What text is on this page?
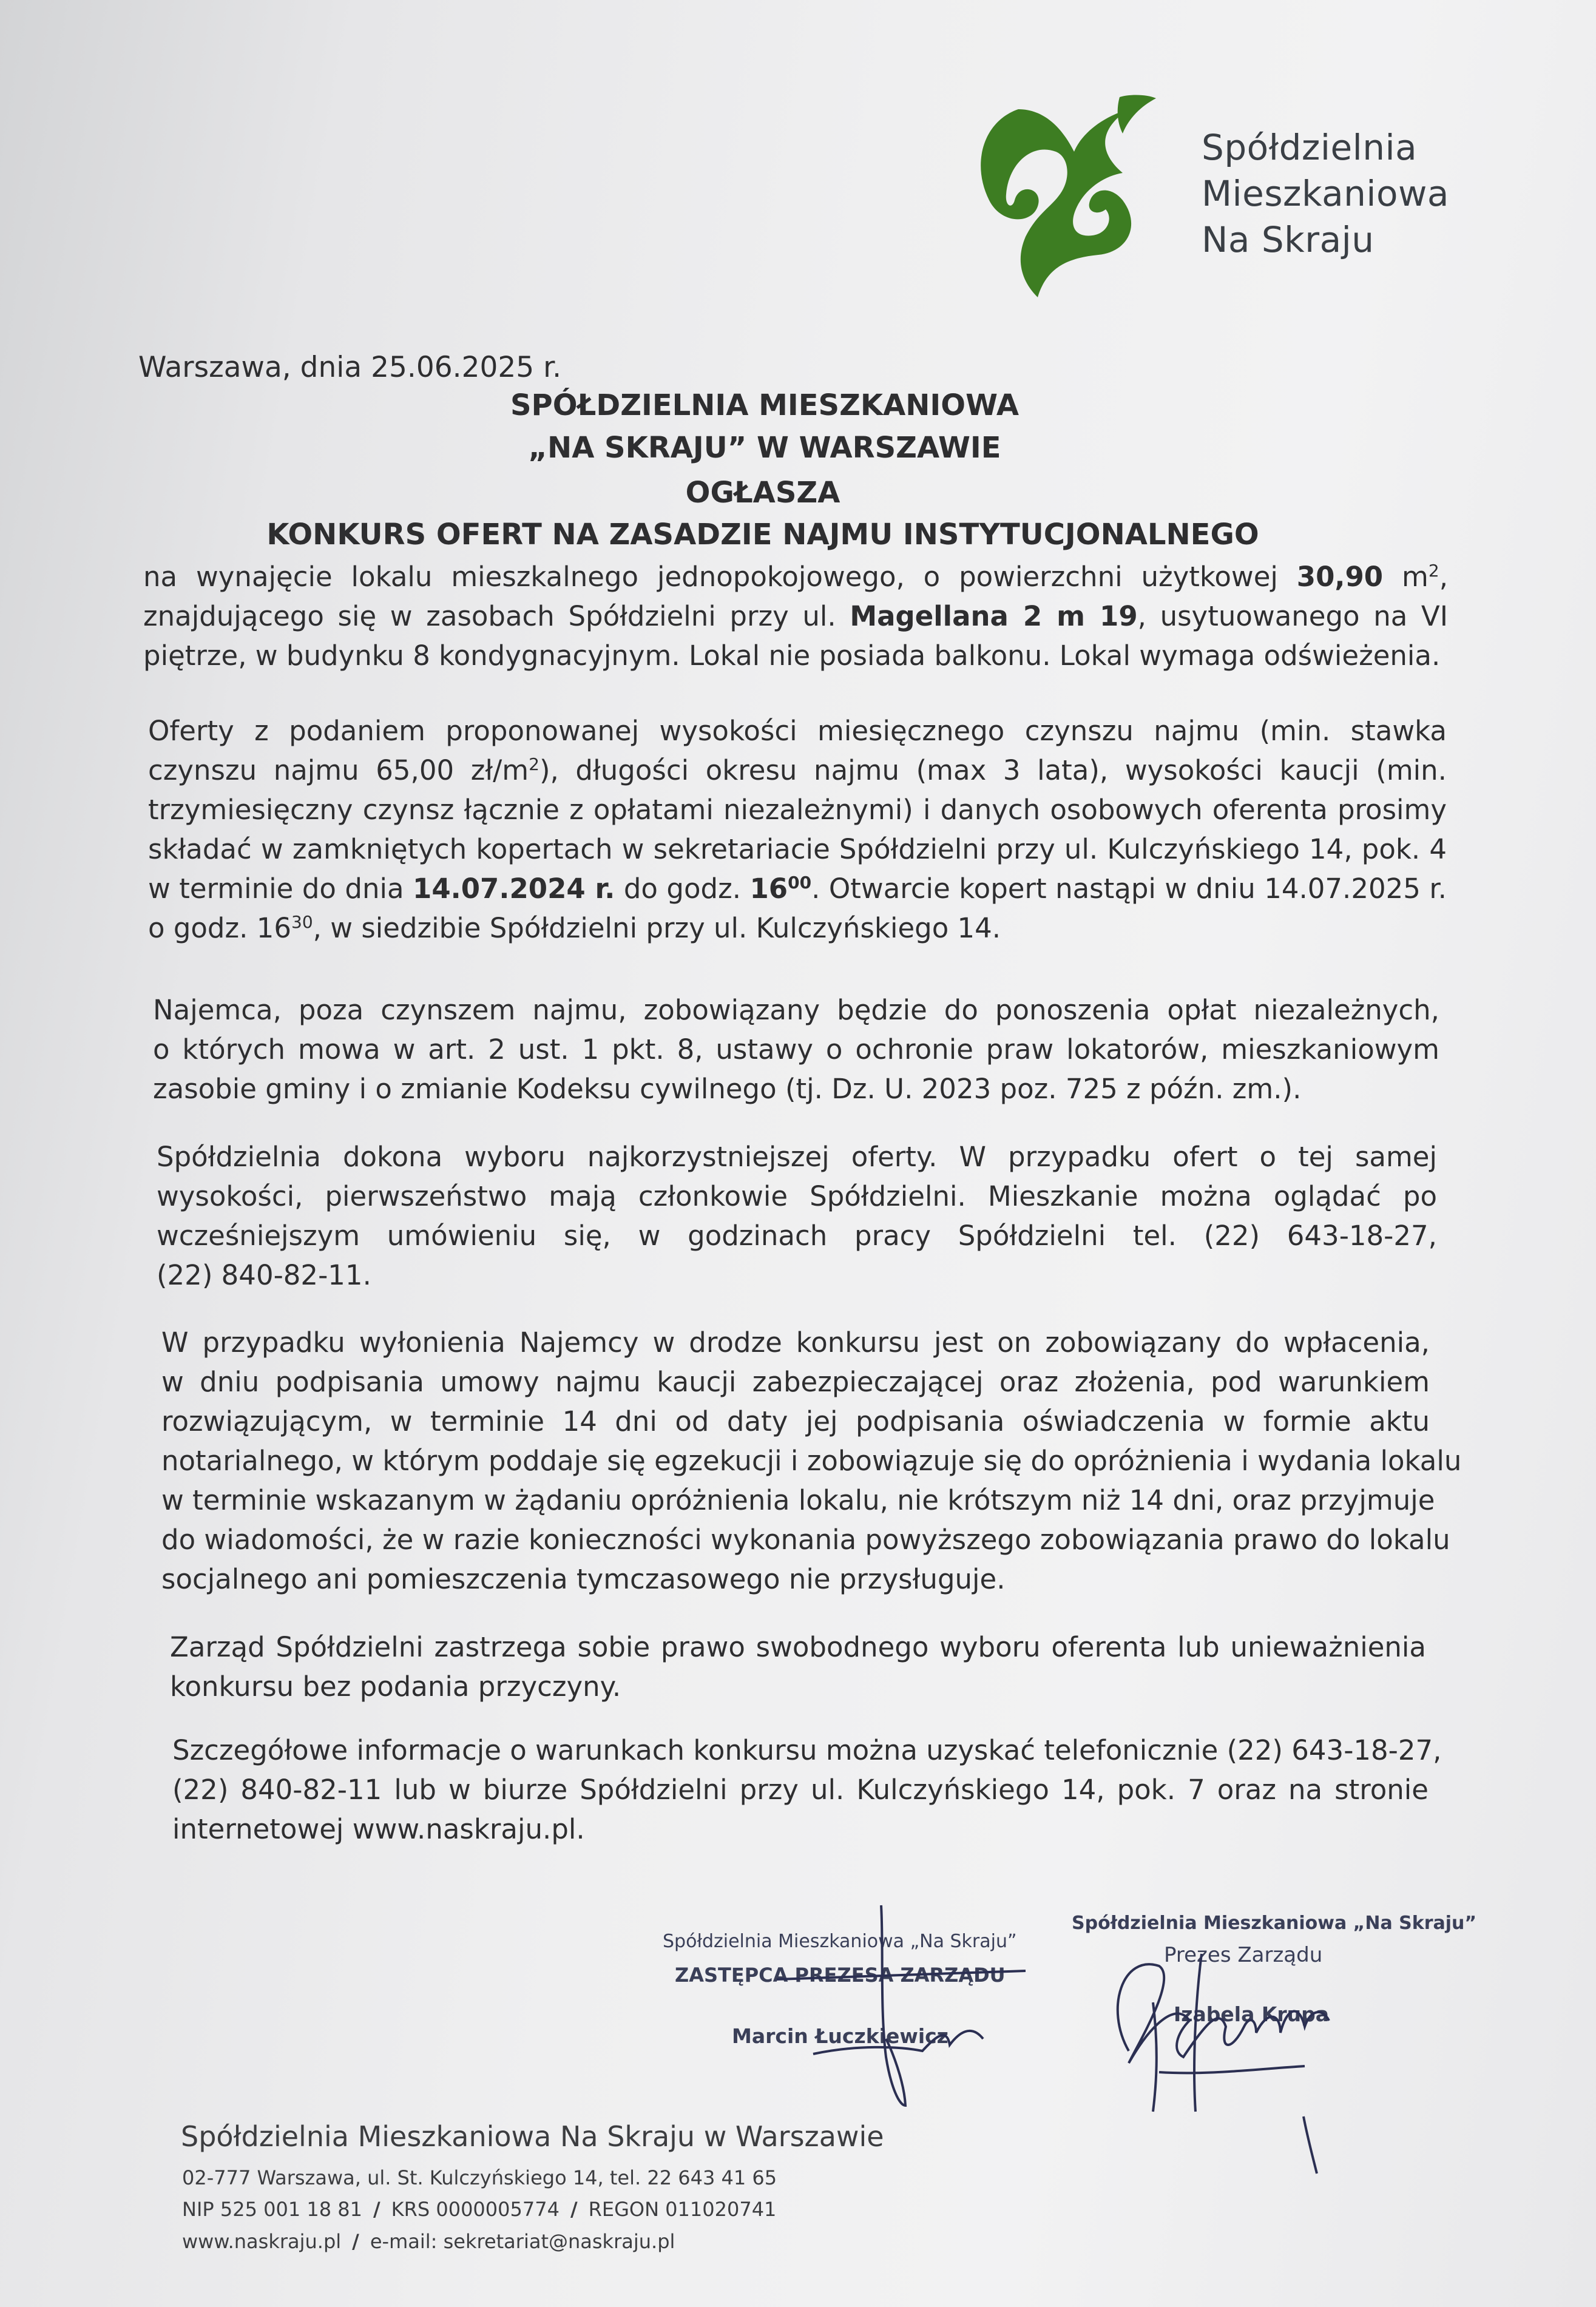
Spółdzielnia
Mieszkaniowa
Na Skraju
Warszawa, dnia 25.06.2025 r.
SPÓŁDZIELNIA MIESZKANIOWA
„NA SKRAJU” W WARSZAWIE
OGŁASZA
KONKURS OFERT NA ZASADZIE NAJMU INSTYTUCJONALNEGO
na wynajęcie lokalu mieszkalnego jednopokojowego, o powierzchni użytkowej 30,90 $m^2$,
znajdującego się w zasobach Spółdzielni przy ul. Magellana 2 m 19, usytuowanego na VI
piętrze, w budynku 8 kondygnacyjnym. Lokal nie posiada balkonu. Lokal wymaga odświeżenia.
Oferty z podaniem proponowanej wysokości miesięcznego czynszu najmu (min. stawka
czynszu najmu 65,00 $zł/m^2$), długości okresu najmu (max 3 lata), wysokości kaucji (min.
trzymiesięczny czynsz łącznie z opłatami niezależnymi) i danych osobowych oferenta prosimy
składać w zamkniętych kopertach w sekretariacie Spółdzielni przy ul. Kulczyńskiego 14, pok. 4
w terminie do dnia 14.07.2024 r. do godz. $16^{00}$. Otwarcie kopert nastąpi w dniu 14.07.2025 r.
o godz. $16^{30}$, w siedzibie Spółdzielni przy ul. Kulczyńskiego 14.
Najemca, poza czynszem najmu, zobowiązany będzie do ponoszenia opłat niezależnych,
o których mowa w art. 2 ust. 1 pkt. 8, ustawy o ochronie praw lokatorów, mieszkaniowym
zasobie gminy i o zmianie Kodeksu cywilnego (tj. Dz. U. 2023 poz. 725 z późn. zm.).
Spółdzielnia dokona wyboru najkorzystniejszej oferty. W przypadku ofert o tej samej
wysokości, pierwszeństwo mają członkowie Spółdzielni. Mieszkanie można oglądać po
wcześniejszym umówieniu się, w godzinach pracy Spółdzielni tel. (22) 643-18-27,
(22) 840-82-11.
W przypadku wyłonienia Najemcy w drodze konkursu jest on zobowiązany do wpłacenia,
w dniu podpisania umowy najmu kaucji zabezpieczającej oraz złożenia, pod warunkiem
rozwiązującym, w terminie 14 dni od daty jej podpisania oświadczenia w formie aktu
notarialnego, w którym poddaje się egzekucji i zobowiązuje się do opróżnienia i wydania lokalu
w terminie wskazanym w żądaniu opróżnienia lokalu, nie krótszym niż 14 dni, oraz przyjmuje
do wiadomości, że w razie konieczności wykonania powyższego zobowiązania prawo do lokalu
socjalnego ani pomieszczenia tymczasowego nie przysługuje.
Zarząd Spółdzielni zastrzega sobie prawo swobodnego wyboru oferenta lub unieważnienia
konkursu bez podania przyczyny.
Szczegółowe informacje o warunkach konkursu można uzyskać telefonicznie (22) 643-18-27,
(22) 840-82-11 lub w biurze Spółdzielni przy ul. Kulczyńskiego 14, pok. 7 oraz na stronie
internetowej www.naskraju.pl.
Spółdzielnia Mieszkaniowa „Na Skraju”
ZASTĘPCA PREZESA ZARZĄDU
Marcin Łuczkiewicz
Spółdzielnia Mieszkaniowa „Na Skraju”
Prezes Zarządu
Izabela Krupa
Spółdzielnia Mieszkaniowa Na Skraju w Warszawie
02-777 Warszawa, ul. St. Kulczyńskiego 14, tel. 22 643 41 65
NIP 525 001 18 81 / KRS 0000005774 / REGON 011020741
www.naskraju.pl / e-mail: sekretariat@naskraju.pl
